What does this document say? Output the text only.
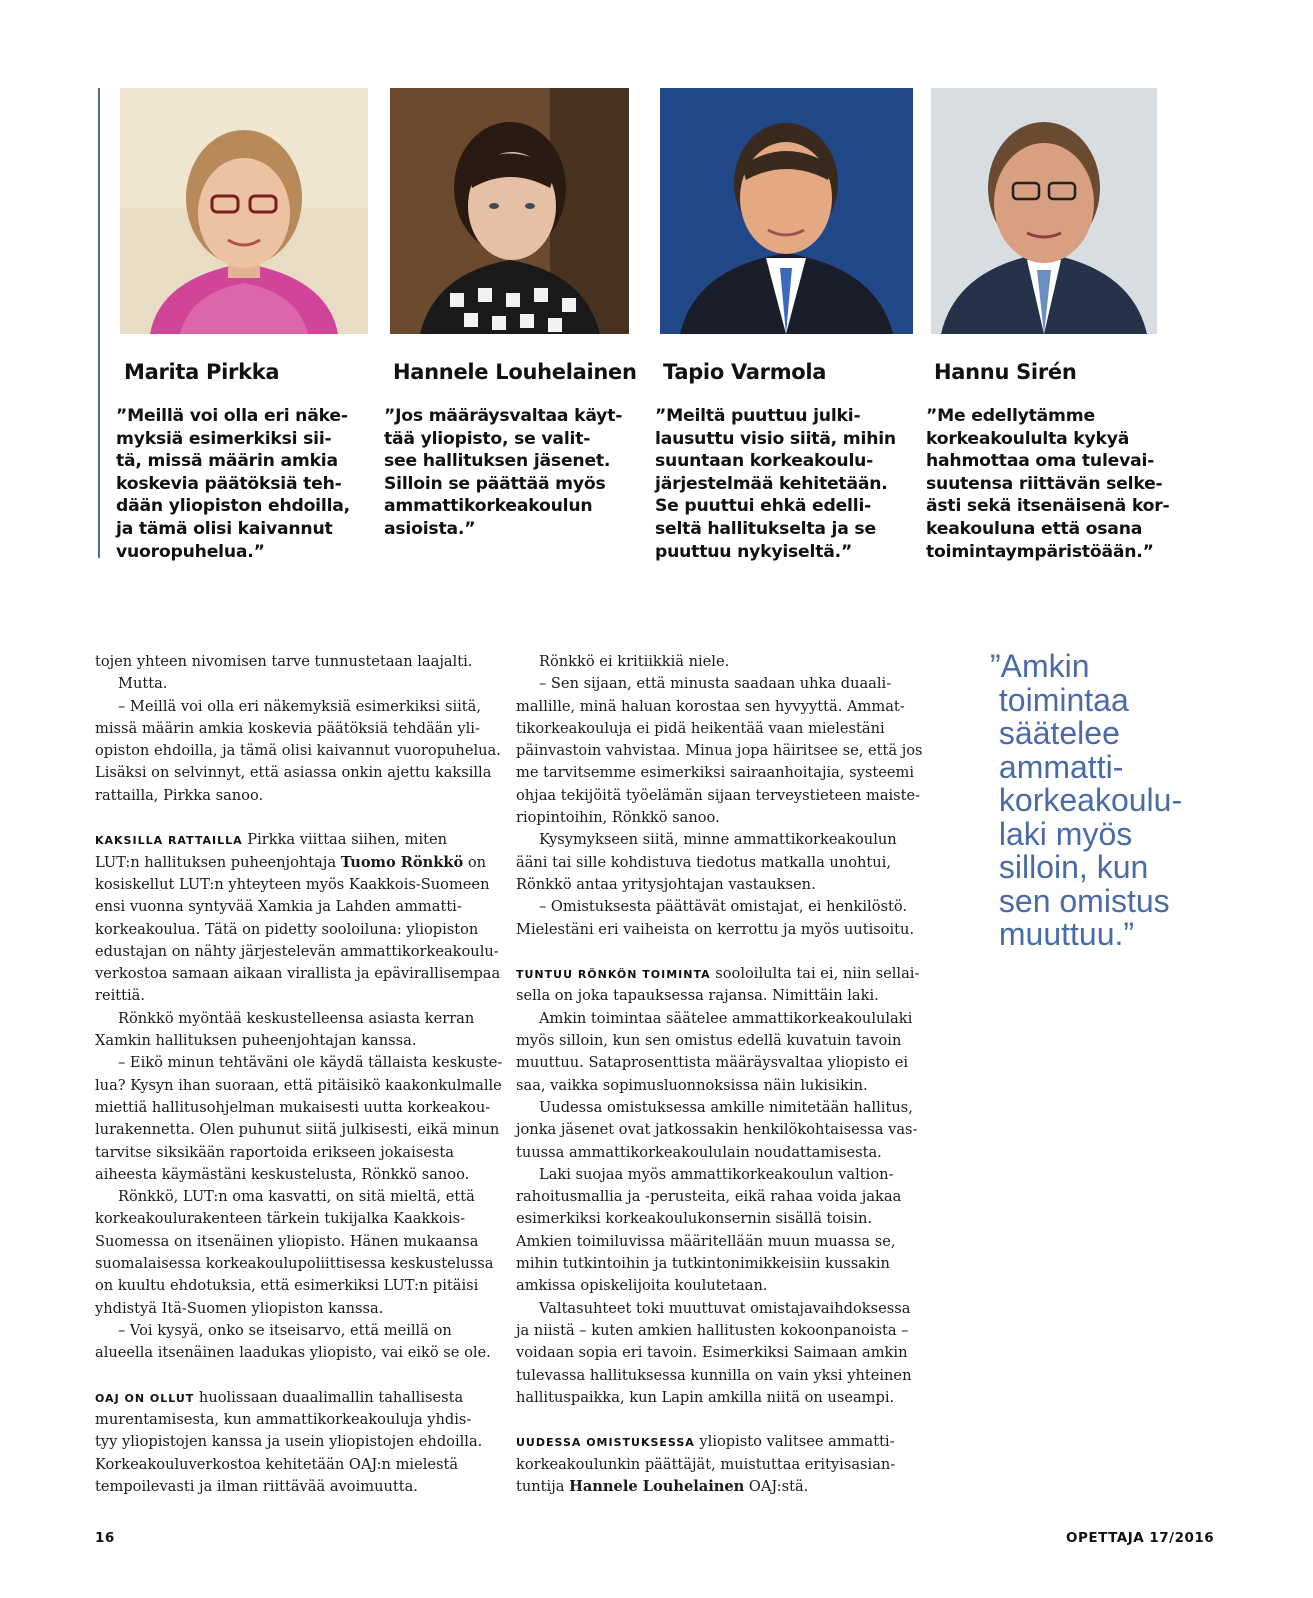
Marita Pirkka	Hannele Louhelainen Tapio Varmola	Hannu Sirén
”Meillä voi olla eri näke-
myksiä esimerkiksi sii-
tä, missä määrin amkia
koskevia päätöksiä teh-
dään yliopiston ehdoilla,
ja tämä olisi kaivannut
vuoropuhelua.”
”Jos määräysvaltaa käyt-
tää yliopisto, se valit-
see hallituksen jäsenet.
Silloin se päättää myös
ammattikorkeakoulun
asioista.”
”Meiltä puuttuu julki-
lausuttu visio siitä, mihin
suuntaan korkeakoulu-
järjestelmää kehitetään.
Se puuttui ehkä edelli-
seltä hallitukselta ja se
puuttuu nykyiseltä.”
”Me edellytämme
korkeakoululta kykyä
hahmottaa oma tulevai-
suutensa riittävän selke-
ästi sekä itsenäisenä kor-
keakouluna että osana
toimintaympäristöään.”
tojen yhteen nivomisen tarve tunnustetaan laajalti.
Mutta.
– Meillä voi olla eri näkemyksiä esimerkiksi siitä,
missä määrin amkia koskevia päätöksiä tehdään yli-
opiston ehdoilla, ja tämä olisi kaivannut vuoropuhelua.
Lisäksi on selvinnyt, että asiassa onkin ajettu kaksilla
rattailla, Pirkka sanoo.
KAKSILLA RATTAILLA Pirkka viittaa siihen, miten
LUT:n hallituksen puheenjohtaja Tuomo Rönkkö on
kosiskellut LUT:n yhteyteen myös Kaakkois-Suomeen
ensi vuonna syntyvää Xamkia ja Lahden ammatti-
korkeakoulua. Tätä on pidetty sooloiluna: yliopiston
edustajan on nähty järjestelevän ammattikorkeakoulu-
verkostoa samaan aikaan virallista ja epävirallisempaa
reittiä.
Rönkkö myöntää keskustelleensa asiasta kerran
Xamkin hallituksen puheenjohtajan kanssa.
– Eikö minun tehtäväni ole käydä tällaista keskuste-
lua? Kysyn ihan suoraan, että pitäisikö kaakonkulmalle
miettiä hallitusohjelman mukaisesti uutta korkeakou-
lurakennetta. Olen puhunut siitä julkisesti, eikä minun
tarvitse siksikään raportoida erikseen jokaisesta
aiheesta käymästäni keskustelusta, Rönkkö sanoo.
Rönkkö, LUT:n oma kasvatti, on sitä mieltä, että
korkeakoulurakenteen tärkein tukijalka Kaakkois-
Suomessa on itsenäinen yliopisto. Hänen mukaansa
suomalaisessa korkeakoulupoliittisessa keskustelussa
on kuultu ehdotuksia, että esimerkiksi LUT:n pitäisi
yhdistyä Itä-Suomen yliopiston kanssa.
– Voi kysyä, onko se itseisarvo, että meillä on
alueella itsenäinen laadukas yliopisto, vai eikö se ole.
OAJ ON OLLUT huolissaan duaalimallin tahallisesta
murentamisesta, kun ammattikorkeakouluja yhdis-
tyy yliopistojen kanssa ja usein yliopistojen ehdoilla.
Korkeakouluverkostoa kehitetään OAJ:n mielestä
tempoilevasti ja ilman riittävää avoimuutta.
Rönkkö ei kritiikkiä niele.
– Sen sijaan, että minusta saadaan uhka duaali-
mallille, minä haluan korostaa sen hyvyyttä. Ammat-
tikorkeakouluja ei pidä heikentää vaan mielestäni
päinvastoin vahvistaa. Minua jopa häiritsee se, että jos
me tarvitsemme esimerkiksi sairaanhoitajia, systeemi
ohjaa tekijöitä työelämän sijaan terveystieteen maiste-
riopintoihin, Rönkkö sanoo.
Kysymykseen siitä, minne ammattikorkeakoulun
ääni tai sille kohdistuva tiedotus matkalla unohtui,
Rönkkö antaa yritysjohtajan vastauksen.
– Omistuksesta päättävät omistajat, ei henkilöstö.
Mielestäni eri vaiheista on kerrottu ja myös uutisoitu.
TUNTUU RÖNKÖN TOIMINTA sooloilulta tai ei, niin sellai-
sella on joka tapauksessa rajansa. Nimittäin laki.
Amkin toimintaa säätelee ammattikorkeakoululaki
myös silloin, kun sen omistus edellä kuvatuin tavoin
muuttuu. Sataprosenttista määräysvaltaa yliopisto ei
saa, vaikka sopimusluonnoksissa näin lukisikin.
Uudessa omistuksessa amkille nimitetään hallitus,
jonka jäsenet ovat jatkossakin henkilökohtaisessa vas-
tuussa ammattikorkeakoululain noudattamisesta.
Laki suojaa myös ammattikorkeakoulun valtion-
rahoitusmallia ja -perusteita, eikä rahaa voida jakaa
esimerkiksi korkeakoulukonsernin sisällä toisin.
Amkien toimiluvissa määritellään muun muassa se,
mihin tutkintoihin ja tutkintonimikkeisiin kussakin
amkissa opiskelijoita koulutetaan.
Valtasuhteet toki muuttuvat omistajavaihdoksessa
ja niistä – kuten amkien hallitusten kokoonpanoista –
voidaan sopia eri tavoin. Esimerkiksi Saimaan amkin
tulevassa hallituksessa kunnilla on vain yksi yhteinen
hallituspaikka, kun Lapin amkilla niitä on useampi.
UUDESSA OMISTUKSESSA yliopisto valitsee ammatti-
korkeakoulunkin päättäjät, muistuttaa erityisasian-
tuntija Hannele Louhelainen OAJ:stä.
”Amkin
toimintaa
säätelee
ammatti-
korkeakoulu-
laki myös
silloin, kun
sen omistus
muuttuu.”
16	OPETTAJA 17/2016
